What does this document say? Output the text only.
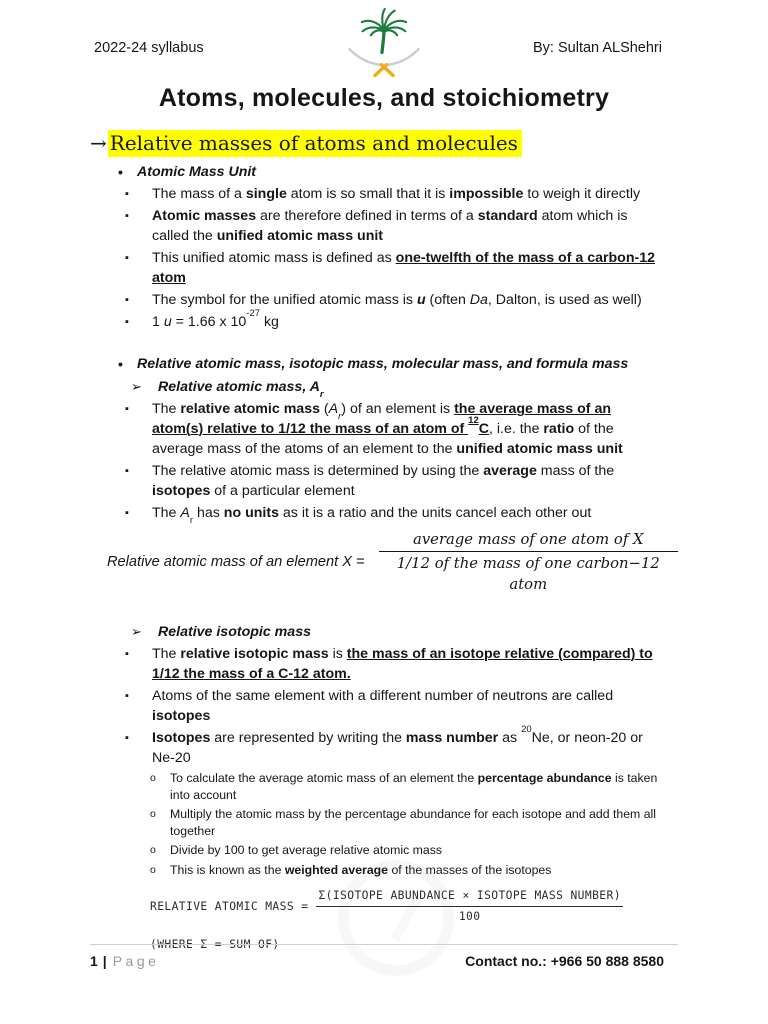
2022-24 syllabus	By: Sultan ALShehri
Atoms, molecules, and stoichiometry
→ Relative masses of atoms and molecules
• Atomic Mass Unit
▪	The mass of a single atom is so small that it is impossible to weigh it directly
▪	Atomic masses are therefore defined in terms of a standard atom which is called the unified atomic mass unit
▪	This unified atomic mass is defined as one-twelfth of the mass of a carbon-12 atom
▪	The symbol for the unified atomic mass is u (often Da, Dalton, is used as well)
▪	1 u = 1.66 x $10^{-27}$ kg
• Relative atomic mass, isotopic mass, molecular mass, and formula mass
➢	Relative atomic mass, $A_r$
▪	The relative atomic mass $(A_r)$ of an element is the average mass of an atom(s) relative to 1/12 the mass of an atom of $^{12}$C, i.e. the ratio of the average mass of the atoms of an element to the unified atomic mass unit
▪	The relative atomic mass is determined by using the average mass of the isotopes of a particular element
▪	The $A_r$ has no units as it is a ratio and the units cancel each other out
Relative atomic mass of an element $X = \frac{\text{average mass of one atom of X}}{\text{1/12 of the mass of one carbon−12 atom}}$
➢	Relative isotopic mass
▪	The relative isotopic mass is the mass of an isotope relative (compared) to 1/12 the mass of a C-12 atom.
▪	Atoms of the same element with a different number of neutrons are called isotopes
▪	Isotopes are represented by writing the mass number as $^{20}$Ne, or neon-20 or Ne-20
o	To calculate the average atomic mass of an element the percentage abundance is taken into account
o	Multiply the atomic mass by the percentage abundance for each isotope and add them all together
o	Divide by 100 to get average relative atomic mass
o	This is known as the weighted average of the masses of the isotopes
RELATIVE ATOMIC MASS = $\frac{\text{Σ(ISOTOPE ABUNDANCE × ISOTOPE MASS NUMBER)}}{100}$
(WHERE Σ = SUM OF)
1 | Page	Contact no.: +966 50 888 8580
